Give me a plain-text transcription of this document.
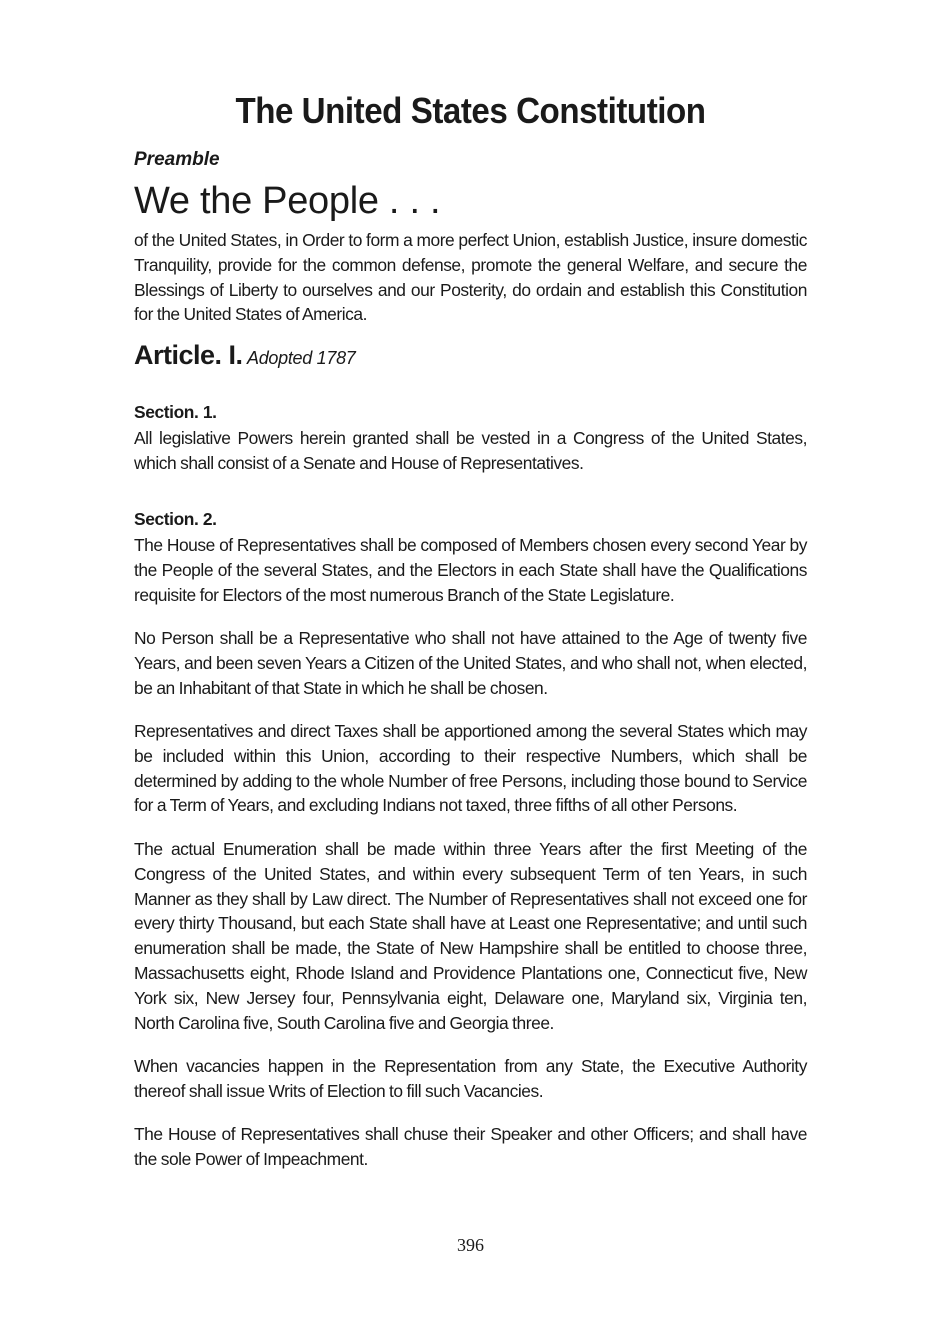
The United States Constitution
Preamble
We the People . . .

of the United States, in Order to form a more perfect Union, establish Justice, insure domestic Tranquility, provide for the common defense, promote the general Welfare, and secure the Blessings of Liberty to ourselves and our Posterity, do ordain and establish this Constitution for the United States of America.

Article. I. Adopted 1787
Section. 1.

All legislative Powers herein granted shall be vested in a Congress of the United States, which shall consist of a Senate and House of Representatives.

Section. 2.

The House of Representatives shall be composed of Members chosen every second Year by the People of the several States, and the Electors in each State shall have the Qualifications requisite for Electors of the most numerous Branch of the State Legislature.

No Person shall be a Representative who shall not have attained to the Age of twenty five Years, and been seven Years a Citizen of the United States, and who shall not, when elected, be an Inhabitant of that State in which he shall be chosen.

Representatives and direct Taxes shall be apportioned among the several States which may be included within this Union, according to their respective Numbers, which shall be determined by adding to the whole Number of free Persons, including those bound to Service for a Term of Years, and excluding Indians not taxed, three fifths of all other Persons.

The actual Enumeration shall be made within three Years after the first Meeting of the Congress of the United States, and within every subsequent Term of ten Years, in such Manner as they shall by Law direct. The Number of Representatives shall not exceed one for every thirty Thousand, but each State shall have at Least one Representative; and until such enumeration shall be made, the State of New Hampshire shall be entitled to choose three, Massachusetts eight, Rhode Island and Providence Plantations one, Connecticut five, New York six, New Jersey four, Pennsylvania eight, Delaware one, Maryland six, Virginia ten, North Carolina five, South Carolina five and Georgia three.

When vacancies happen in the Representation from any State, the Executive Authority thereof shall issue Writs of Election to fill such Vacancies.

The House of Representatives shall chuse their Speaker and other Officers; and shall have the sole Power of Impeachment.

396
